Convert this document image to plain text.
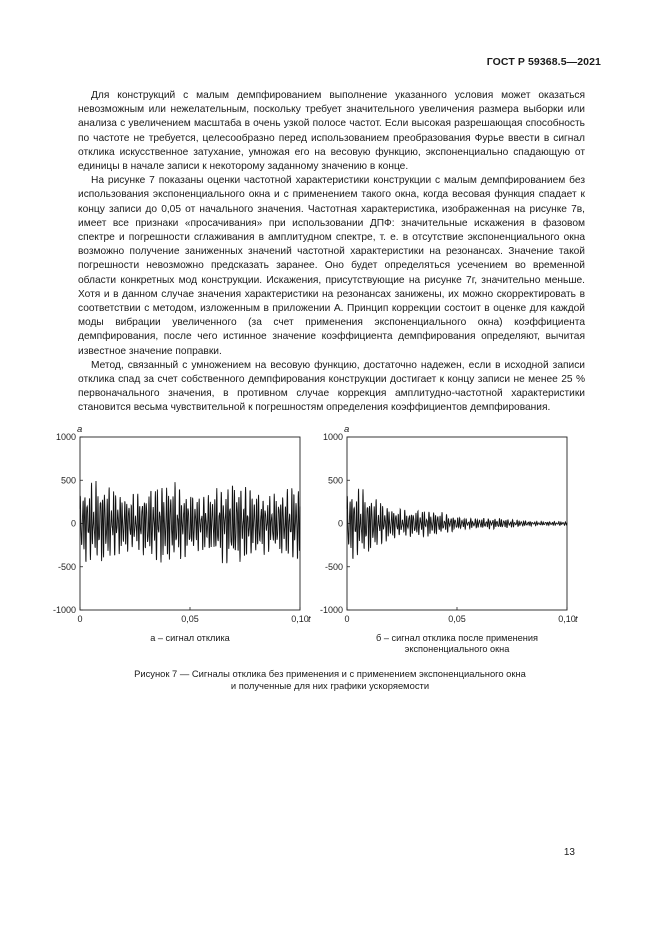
ГОСТ Р 59368.5—2021

Для конструкций с малым демпфированием выполнение указанного условия может оказаться невозможным или нежелательным, поскольку требует значительного увеличения размера выборки или анализа с увеличением масштаба в очень узкой полосе частот. Если высокая разрешающая способность по частоте не требуется, целесообразно перед использованием преобразования Фурье ввести в сигнал отклика искусственное затухание, умножая его на весовую функцию, экспоненциально спадающую от единицы в начале записи к некоторому заданному значению в конце.

На рисунке 7 показаны оценки частотной характеристики конструкции с малым демпфированием без использования экспоненциального окна и с применением такого окна, когда весовая функция спадает к концу записи до 0,05 от начального значения. Частотная характеристика, изображенная на рисунке 7в, имеет все признаки «просачивания» при использовании ДПФ: значительные искажения в фазовом спектре и погрешности сглаживания в амплитудном спектре, т. е. в отсутствие экспоненциального окна возможно получение заниженных значений частотной характеристики на резонансах. Значение такой погрешности невозможно предсказать заранее. Оно будет определяться усечением во временной области конкретных мод конструкции. Искажения, присутствующие на рисунке 7г, значительно меньше. Хотя и в данном случае значения характеристики на резонансах занижены, их можно скорректировать в соответствии с методом, изложенным в приложении А. Принцип коррекции состоит в оценке для каждой моды вибрации увеличенного (за счет применения экспоненциального окна) коэффициента демпфирования, после чего истинное значение коэффициента демпфирования определяют, вычитая известное значение поправки.

Метод, связанный с умножением на весовую функцию, достаточно надежен, если в исходной записи отклика спад за счет собственного демпфирования конструкции достигает к концу записи не менее 25 % первоначального значения, в противном случае коррекция амплитудно-частотной характеристики становится весьма чувствительной к погрешностям определения коэффициентов демпфирования.

1000
500
0
-500
-1000
0	0,05	0,10
a
t
а – сигнал отклика
1000
500
0
-500
-1000
0	0,05	0,10
a
t
б – сигнал отклика после применения экспоненциального окна
Рисунок 7 — Сигналы отклика без применения и с применением экспоненциального окна
и полученные для них графики ускоряемости
13
